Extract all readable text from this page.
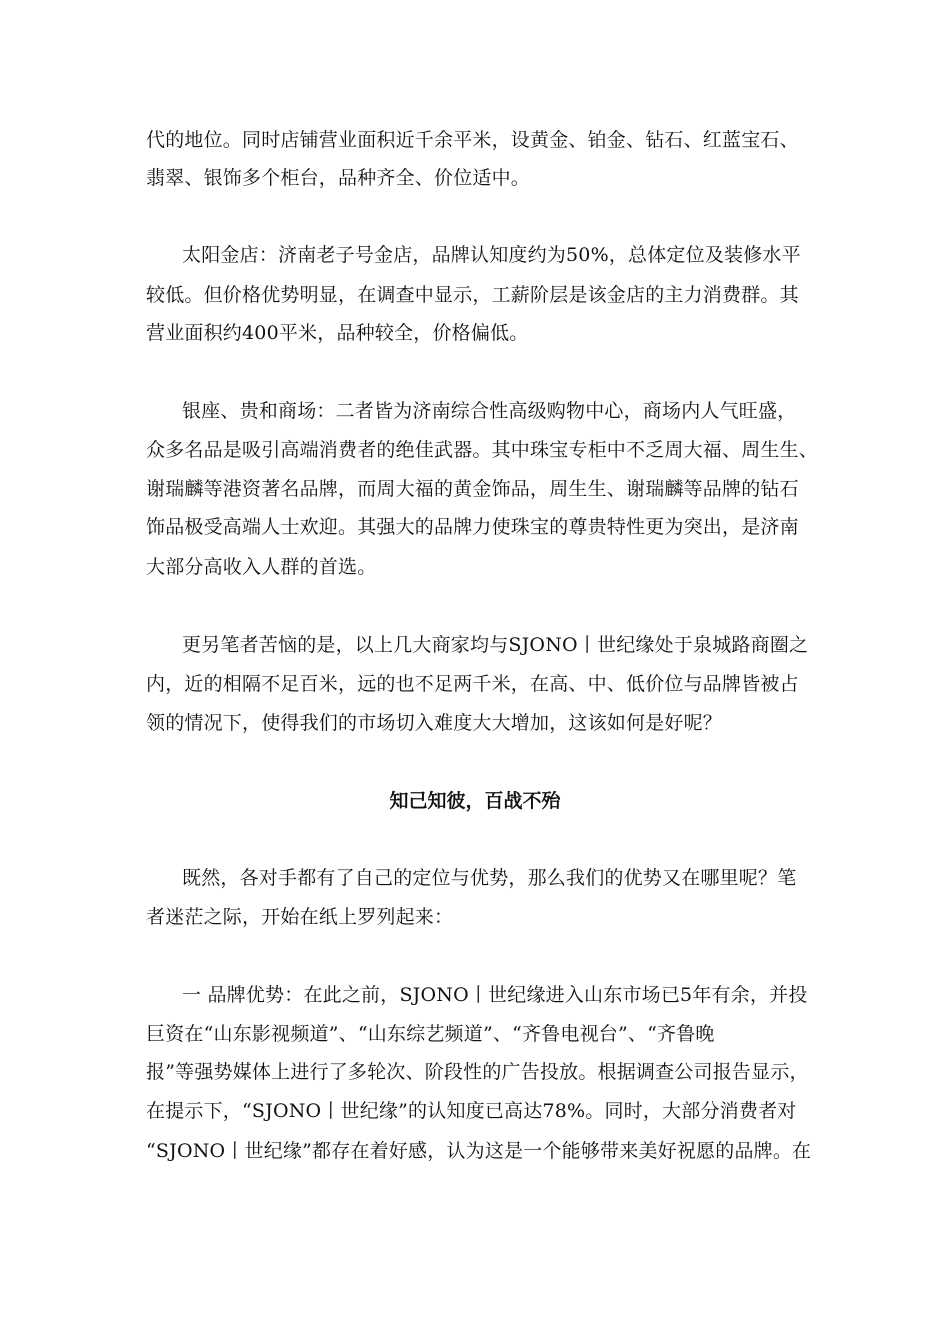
代的地位。同时店铺营业面积近千余平米，设黄金、铂金、钻石、红蓝宝石、
翡翠、银饰多个柜台，品种齐全、价位适中。
太阳金店：济南老子号金店，品牌认知度约为50%，总体定位及装修水平
较低。但价格优势明显，在调查中显示，工薪阶层是该金店的主力消费群。其
营业面积约400平米，品种较全，价格偏低。
银座、贵和商场：二者皆为济南综合性高级购物中心，商场内人气旺盛，
众多名品是吸引高端消费者的绝佳武器。其中珠宝专柜中不乏周大福、周生生、
谢瑞麟等港资著名品牌，而周大福的黄金饰品，周生生、谢瑞麟等品牌的钻石
饰品极受高端人士欢迎。其强大的品牌力使珠宝的尊贵特性更为突出，是济南
大部分高收入人群的首选。
更另笔者苦恼的是，以上几大商家均与SJONO丨世纪缘处于泉城路商圈之
内，近的相隔不足百米，远的也不足两千米，在高、中、低价位与品牌皆被占
领的情况下，使得我们的市场切入难度大大增加，这该如何是好呢？
知己知彼，百战不殆
既然，各对手都有了自己的定位与优势，那么我们的优势又在哪里呢？笔
者迷茫之际，开始在纸上罗列起来：
一 品牌优势：在此之前，SJONO丨世纪缘进入山东市场已5年有余，并投
巨资在“山东影视频道”、“山东综艺频道”、“齐鲁电视台”、“齐鲁晚
报”等强势媒体上进行了多轮次、阶段性的广告投放。根据调查公司报告显示，
在提示下，“SJONO丨世纪缘”的认知度已高达78%。同时，大部分消费者对
“SJONO丨世纪缘”都存在着好感，认为这是一个能够带来美好祝愿的品牌。在
